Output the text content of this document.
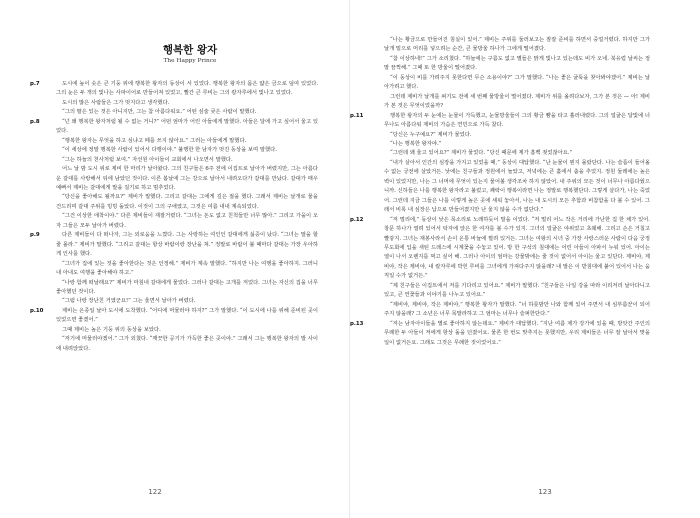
행복한 왕자
The Happy Prince

p.7	도시에 높이 솟은 큰 기둥 위에 행복한 왕자의 동상이 서 있었다. 행복한 왕자의 몸은 얇은 금으로 덮여 있었다. 그의 눈은 두 개의 빛나는 사파이어로 만들어져 있었고, 빨간 큰 루비는 그의 칼자루에서 빛나고 있었다.

도시의 많은 사람들은 그가 멋지다고 생각했다.

“그의 팔은 있는 것은 아니지만, 그는 참 아름다워요.” 어떤 심술 궂은 사람이 말했다.

p.8	“넌 왜 행복한 왕자처럼 될 수 없는 거니?” 어떤 엄마가 어린 아들에게 말했다. 아들은 달에 가고 싶어서 울고 있었다.

“행복한 왕자는 무엇을 하고 싶냐고 떼를 쓰지 않아요.” 그러는 아들에게 말했다.

“이 세상에 정말 행복한 사람이 있어서 다행이야.” 불행한 한 남자가 멋진 동상을 보며 말했다.

“그는 하늘의 천사처럼 보여.” 자선원 아이들이 교회에서 나오면서 말했다.

어느 날 밤 도시 위로 제비 한 마리가 날아왔다. 그의 친구들은 6주 전에 이집트로 날아가 버렸지만, 그는 아름다운 갈대를 사랑해서 뒤에 남았던 것이다. 이른 봄날에 그는 강으로 날아서 내려오다가 갈대를 만났다. 갈대가 매우 예뻐서 제비는 갈대에게 말을 걸기로 하고 멈추었다.

“당신을 좋아해도 될까요?” 제비가 말했다. 그리고 갈대는 그에게 깊은 절을 했다. 그래서 제비는 날개로 물을 건드리며 갈대 주위를 빙빙 돌았다. 이것이 그의 구애였고, 그것은 여름 내내 계속되었다.

“그건 이상한 애착이야.” 다른 제비들이 재잘거렸다. “그녀는 돈도 없고 친척들만 너무 많아.” 그리고 가을이 오자 그들은 모두 날아가 버렸다.

p.9	다른 제비들이 다 떠나자, 그는 외로움을 느꼈다. 그는 사랑하는 여인인 갈대에게 싫증이 났다. “그녀는 말을 할 줄 몰라.” 제비가 말했다. “그리고 갈대는 항상 바람이랑 장난을 쳐.” 정말로 바람이 불 때마다 갈대는 가장 우아하게 인사를 했다.

“그녀가 집에 있는 것을 좋아한다는 것은 인정해.” 제비가 계속 말했다. “하지만 나는 여행을 좋아하지. 그러니 내 아내도 여행을 좋아해야 하고.”

“나랑 함께 떠날래요?” 제비가 마침내 갈대에게 물었다. 그러나 갈대는 고개를 저었다. 그녀는 자신의 집을 너무 좋아했던 것이다.

“그럼 나랑 장난친 거였군요!” 그는 울면서 날아가 버렸다.

p.10	제비는 온종일 날아 도시에 도착했다. “어디에 머물러야 하지?” 그가 말했다. “이 도시에 나를 위해 준비된 곳이 있었으면 좋겠어.”

그때 제비는 높은 기둥 위의 동상을 보았다.

“저기에 머물러야겠어.” 그가 외쳤다. “깨끗한 공기가 가득한 좋은 곳이야.” 그래서 그는 행복한 왕자의 발 사이에 내려앉았다.

122

“나는 황금으로 만들어진 침실이 있어.” 제비는 주위를 둘러보고는 잠잘 준비를 하면서 중얼거렸다. 하지만 그가 날개 밑으로 머리를 넣으려는 순간, 큰 물방울 하나가 그에게 떨어졌다.

“참 이상하네!” 그가 소리쳤다. “하늘에는 구름도 없고 별들은 맑게 빛나고 있는데도 비가 오네. 북유럽 날씨는 정말 끔찍해.” 그때 또 한 방울이 떨어졌다.

“이 동상이 비를 가려주지 못한다면 무슨 소용이야?” 그가 말했다. “나는 좋은 굴뚝을 찾아봐야겠어.” 제비는 날아가려고 했다.

그런데 제비가 날개를 펴기도 전에 세 번째 물방울이 떨어졌다. 제비가 위를 올려다보자, 그가 본 것은 — 아! 제비가 본 것은 무엇이었을까?

p.11	행복한 왕자의 두 눈에는 눈물이 가득했고, 눈물방울들이 그의 황금 뺨을 타고 흘러내렸다. 그의 얼굴은 달빛에 너무나도 아름다워 제비의 가슴은 연민으로 가득 찼다.

“당신은 누구예요?” 제비가 물었다.

“나는 행복한 왕자야.”

“그런데 왜 울고 있어요?” 제비가 물었다. “당신 때문에 제가 흠뻑 젖었잖아요.”

“내가 살아서 인간의 심장을 가지고 있었을 때,” 동상이 대답했다. “난 눈물이 뭔지 몰랐단다. 나는 슬픔이 들어올 수 없는 궁전에 살았거든. 낮에는 친구들과 정원에서 놀았고, 저녁에는 큰 홀에서 춤을 추었지. 정원 둘레에는 높은 벽이 있었지만, 나는 그 너머에 무엇이 있는지 물어볼 생각조차 하지 않았어. 내 주위의 모든 것이 너무나 아름다웠으니까. 신하들은 나를 행복한 왕자라고 불렀고, 쾌락이 행복이라면 나는 정말로 행복했단다. 그렇게 살다가, 나는 죽었어. 그런데 지금 그들은 나를 이렇게 높은 곳에 세워 놓아서, 나는 내 도시의 모든 추함과 비참함을 다 볼 수 있어. 그래서 비록 내 심장은 납으로 만들어졌지만 난 울지 않을 수가 없단다.”

p.12	“저 멀리에,” 동상이 낮은 목소리로 노래하듯이 말을 이었다. “저 멀리 어느 작은 거리에 가난한 집 한 채가 있어. 창문 하나가 열려 있어서 탁자에 앉은 한 여자를 볼 수가 있지. 그녀의 얼굴은 야위었고 초췌해. 그리고 손은 거칠고 빨갛지. 그녀는 재봉사라서 손이 온통 바늘에 찔려 있거든. 그녀는 여왕의 시녀 중 가장 사랑스러운 사람이 다음 궁정 무도회에 입을 새틴 드레스에 시계꽃을 수놓고 있어. 방 한 구석의 침대에는 어린 아들이 아파서 누워 있어. 아이는 열이 나서 오렌지를 먹고 싶어 해. 그러나 아이의 엄마는 강물밖에는 줄 것이 없어서 아이는 울고 있단다. 제비야, 제비야, 작은 제비야, 내 칼자루에 박힌 루비를 그녀에게 가져다주지 않을래? 내 발은 이 받침대에 붙어 있어서 나는 움직일 수가 없거든.”

“제 친구들은 이집트에서 저를 기다리고 있어요.” 제비가 말했다. “친구들은 나일 강을 따라 이리저리 날아다니고 있고, 큰 연꽃들과 이야기를 나누고 있어요.”

“제비야, 제비야, 작은 제비야,” 행복한 왕자가 말했다. “너 하룻밤만 나와 함께 있어 주면서 내 심부름꾼이 되어주지 않을래? 그 소년은 너무 목말라하고 그 엄마는 너무나 슬퍼한단다.”

p.13	“저는 남자아이들을 별로 좋아하지 않는데요.” 제비가 대답했다. “지난 여름 제가 강가에 있을 때, 방앗간 주인의 무례한 두 아들이 저에게 항상 돌을 던졌어요. 물론 한 번도 맞추지는 못했지만, 우리 제비들은 너무 잘 날아서 맞을 일이 없거든요. 그래도 그것은 무례한 짓이었어요.”

123
